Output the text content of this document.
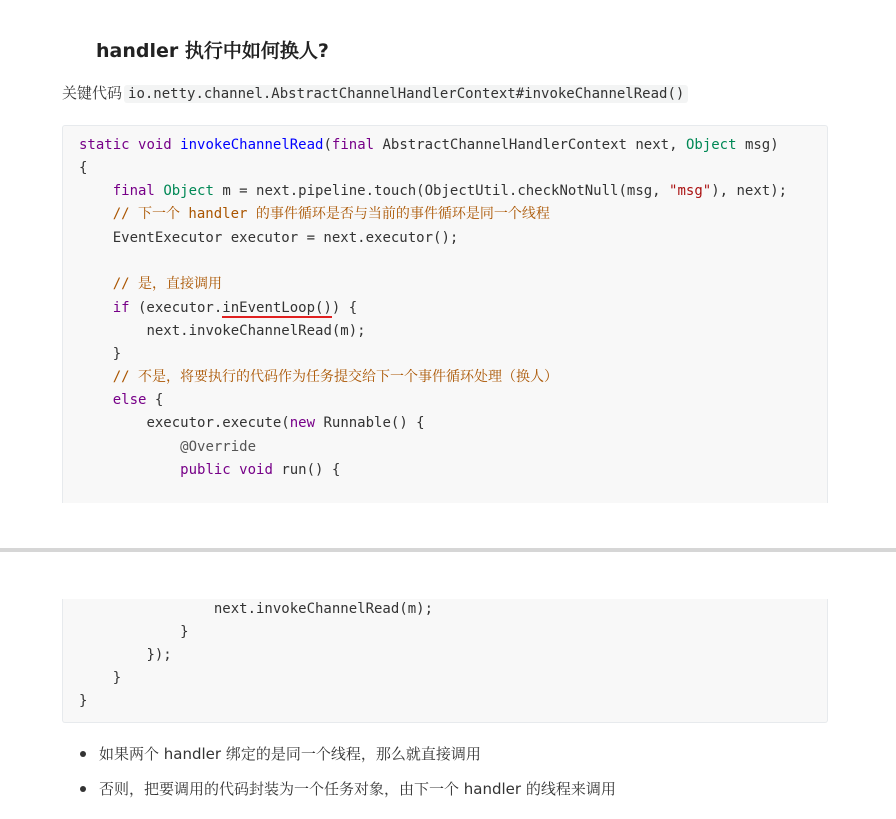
handler 执行中如何换人?
关键代码 io.netty.channel.AbstractChannelHandlerContext#invokeChannelRead()
static void invokeChannelRead(final AbstractChannelHandlerContext next, Object msg)
{
final Object m = next.pipeline.touch(ObjectUtil.checkNotNull(msg, "msg"), next);
// 下一个 handler 的事件循环是否与当前的事件循环是同一个线程
EventExecutor executor = next.executor();
// 是，直接调用
if (executor.inEventLoop()) {
next.invokeChannelRead(m);
}
// 不是，将要执行的代码作为任务提交给下一个事件循环处理（换人）
else {
executor.execute(new Runnable() {
@Override
public void run() {
next.invokeChannelRead(m);
}
});
}
}
如果两个 handler 绑定的是同一个线程，那么就直接调用
否则，把要调用的代码封装为一个任务对象，由下一个 handler 的线程来调用
